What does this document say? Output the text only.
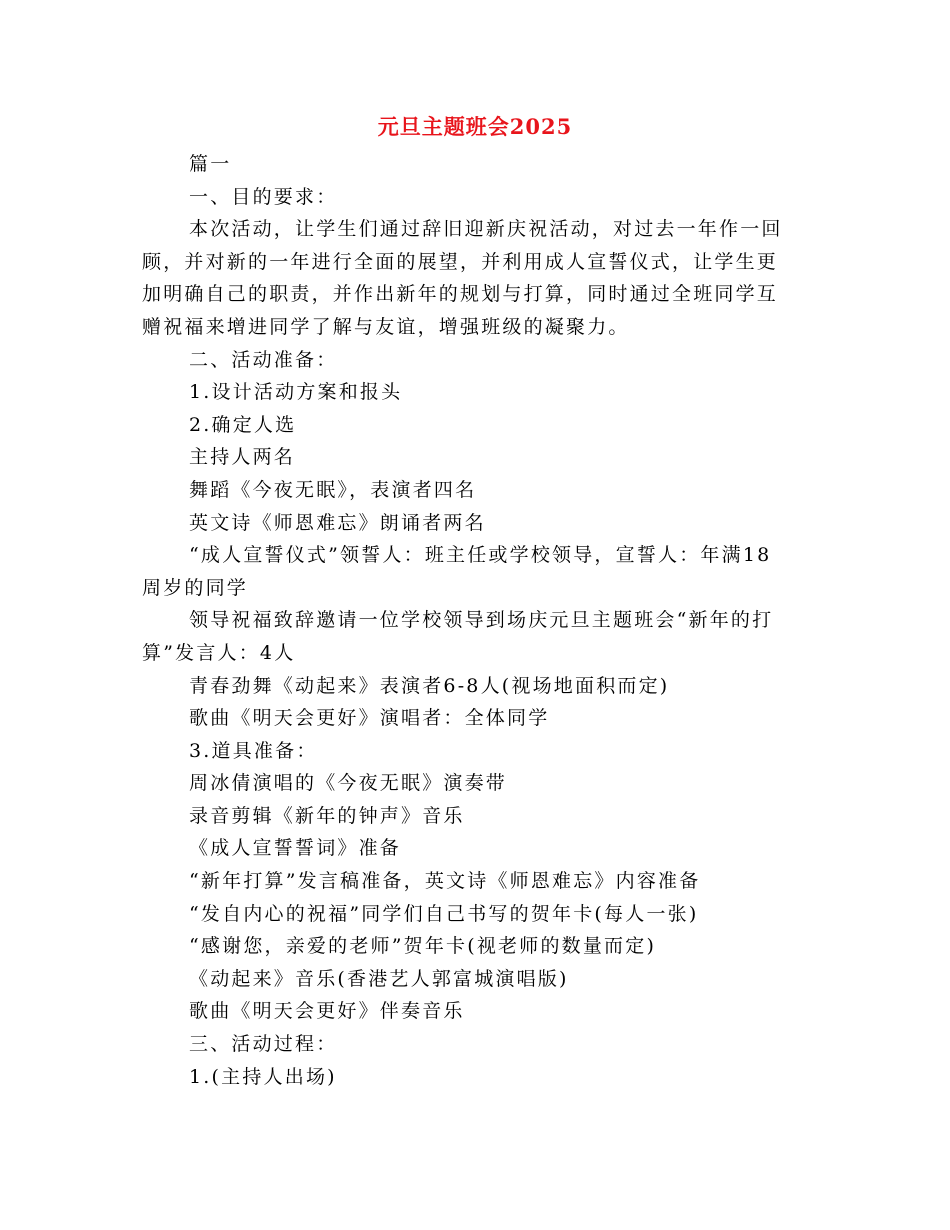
元旦主题班会2025
篇一
一、目的要求：
本次活动，让学生们通过辞旧迎新庆祝活动，对过去一年作一回
顾，并对新的一年进行全面的展望，并利用成人宣誓仪式，让学生更
加明确自己的职责，并作出新年的规划与打算，同时通过全班同学互
赠祝福来增进同学了解与友谊，增强班级的凝聚力。
二、活动准备：
1.设计活动方案和报头
2.确定人选
主持人两名
舞蹈《今夜无眠》，表演者四名
英文诗《师恩难忘》朗诵者两名
“成人宣誓仪式”领誓人：班主任或学校领导，宣誓人：年满18
周岁的同学
领导祝福致辞邀请一位学校领导到场庆元旦主题班会“新年的打
算”发言人：4人
青春劲舞《动起来》表演者6-8人(视场地面积而定)
歌曲《明天会更好》演唱者：全体同学
3.道具准备：
周冰倩演唱的《今夜无眠》演奏带
录音剪辑《新年的钟声》音乐
《成人宣誓誓词》准备
“新年打算”发言稿准备，英文诗《师恩难忘》内容准备
“发自内心的祝福”同学们自己书写的贺年卡(每人一张)
“感谢您，亲爱的老师”贺年卡(视老师的数量而定)
《动起来》音乐(香港艺人郭富城演唱版)
歌曲《明天会更好》伴奏音乐
三、活动过程：
1.(主持人出场)
